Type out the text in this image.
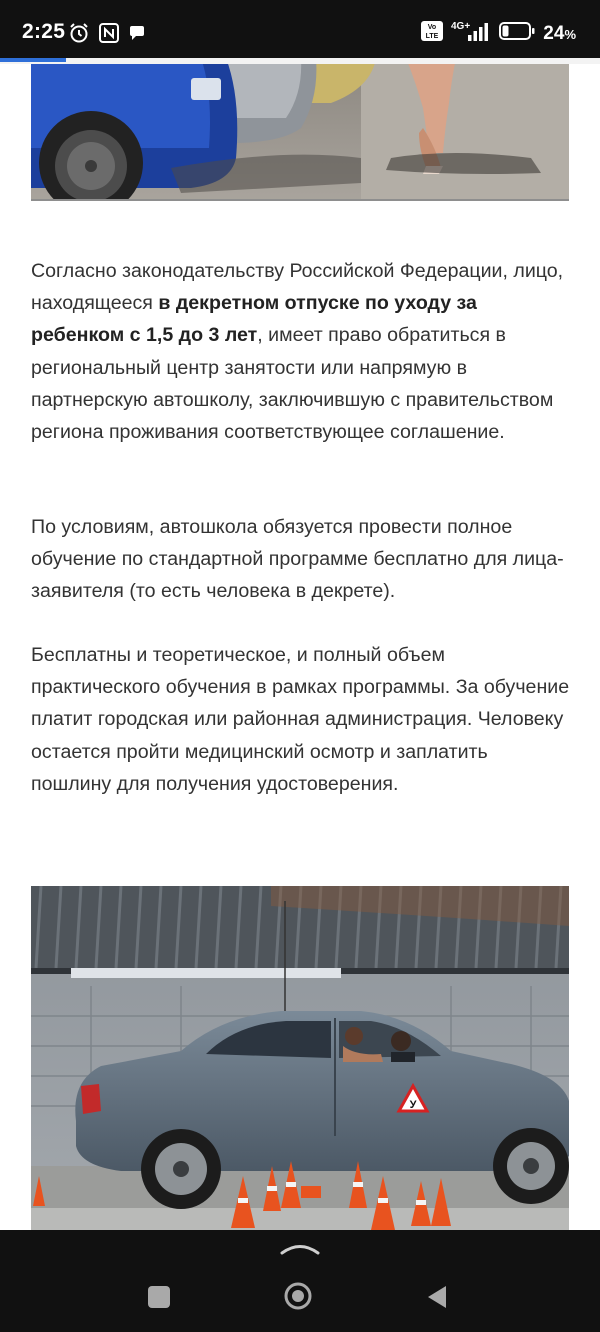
2:25	Vo
LTE
4G+	24%

Согласно законодательству Российской Федерации, лицо, находящееся в декретном отпуске по уходу за ребенком с 1,5 до 3 лет, имеет право обратиться в региональный центр занятости или напрямую в партнерскую автошколу, заключившую с правительством региона проживания соответствующее соглашение.

По условиям, автошкола обязуется провести полное обучение по стандартной программе бесплатно для лица-заявителя (то есть человека в декрете).

Бесплатны и теоретическое, и полный объем практического обучения в рамках программы. За обучение платит городская или районная администрация. Человеку остается пройти медицинский осмотр и заплатить пошлину для получения удостоверения.

У
